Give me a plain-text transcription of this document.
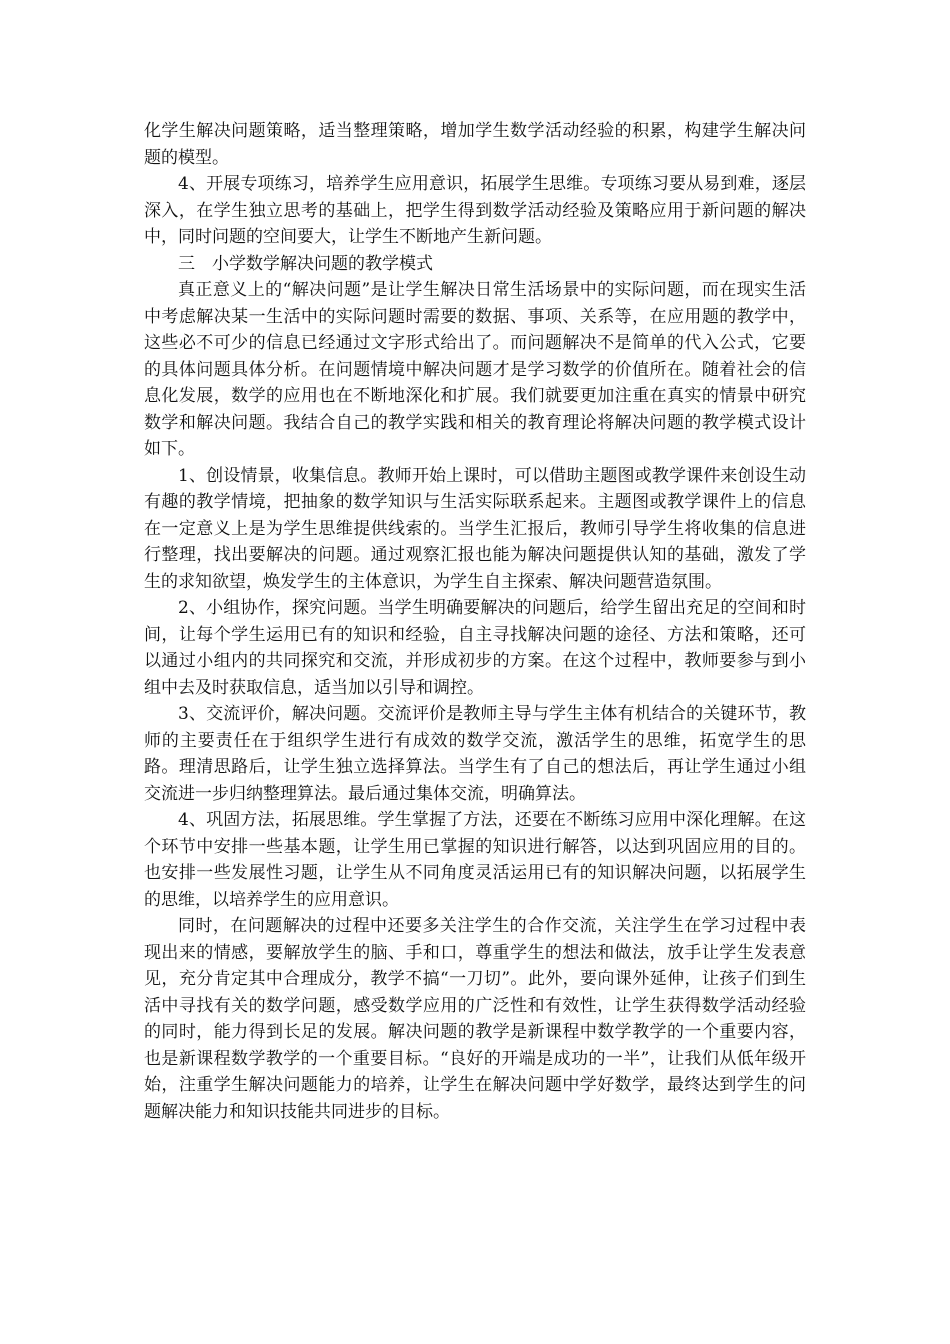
化学生解决问题策略，适当整理策略，增加学生数学活动经验的积累，构建学生解决问题的模型。

4、开展专项练习，培养学生应用意识，拓展学生思维。专项练习要从易到难，逐层深入，在学生独立思考的基础上，把学生得到数学活动经验及策略应用于新问题的解决中，同时问题的空间要大，让学生不断地产生新问题。

三　小学数学解决问题的教学模式

真正意义上的“解决问题”是让学生解决日常生活场景中的实际问题，而在现实生活中考虑解决某一生活中的实际问题时需要的数据、事项、关系等，在应用题的教学中，这些必不可少的信息已经通过文字形式给出了。而问题解决不是简单的代入公式，它要的具体问题具体分析。在问题情境中解决问题才是学习数学的价值所在。随着社会的信息化发展，数学的应用也在不断地深化和扩展。我们就要更加注重在真实的情景中研究数学和解决问题。我结合自己的教学实践和相关的教育理论将解决问题的教学模式设计如下。

1、创设情景，收集信息。教师开始上课时，可以借助主题图或教学课件来创设生动有趣的教学情境，把抽象的数学知识与生活实际联系起来。主题图或教学课件上的信息在一定意义上是为学生思维提供线索的。当学生汇报后，教师引导学生将收集的信息进行整理，找出要解决的问题。通过观察汇报也能为解决问题提供认知的基础，激发了学生的求知欲望，焕发学生的主体意识，为学生自主探索、解决问题营造氛围。

2、小组协作，探究问题。当学生明确要解决的问题后，给学生留出充足的空间和时间，让每个学生运用已有的知识和经验，自主寻找解决问题的途径、方法和策略，还可以通过小组内的共同探究和交流，并形成初步的方案。在这个过程中，教师要参与到小组中去及时获取信息，适当加以引导和调控。

3、交流评价，解决问题。交流评价是教师主导与学生主体有机结合的关键环节，教师的主要责任在于组织学生进行有成效的数学交流，激活学生的思维，拓宽学生的思路。理清思路后，让学生独立选择算法。当学生有了自己的想法后，再让学生通过小组交流进一步归纳整理算法。最后通过集体交流，明确算法。

4、巩固方法，拓展思维。学生掌握了方法，还要在不断练习应用中深化理解。在这个环节中安排一些基本题，让学生用已掌握的知识进行解答，以达到巩固应用的目的。也安排一些发展性习题，让学生从不同角度灵活运用已有的知识解决问题，以拓展学生的思维，以培养学生的应用意识。

同时，在问题解决的过程中还要多关注学生的合作交流，关注学生在学习过程中表现出来的情感，要解放学生的脑、手和口，尊重学生的想法和做法，放手让学生发表意见，充分肯定其中合理成分，教学不搞“一刀切”。此外，要向课外延伸，让孩子们到生活中寻找有关的数学问题，感受数学应用的广泛性和有效性，让学生获得数学活动经验的同时，能力得到长足的发展。解决问题的教学是新课程中数学教学的一个重要内容，也是新课程数学教学的一个重要目标。“良好的开端是成功的一半”，让我们从低年级开始，注重学生解决问题能力的培养，让学生在解决问题中学好数学，最终达到学生的问题解决能力和知识技能共同进步的目标。
